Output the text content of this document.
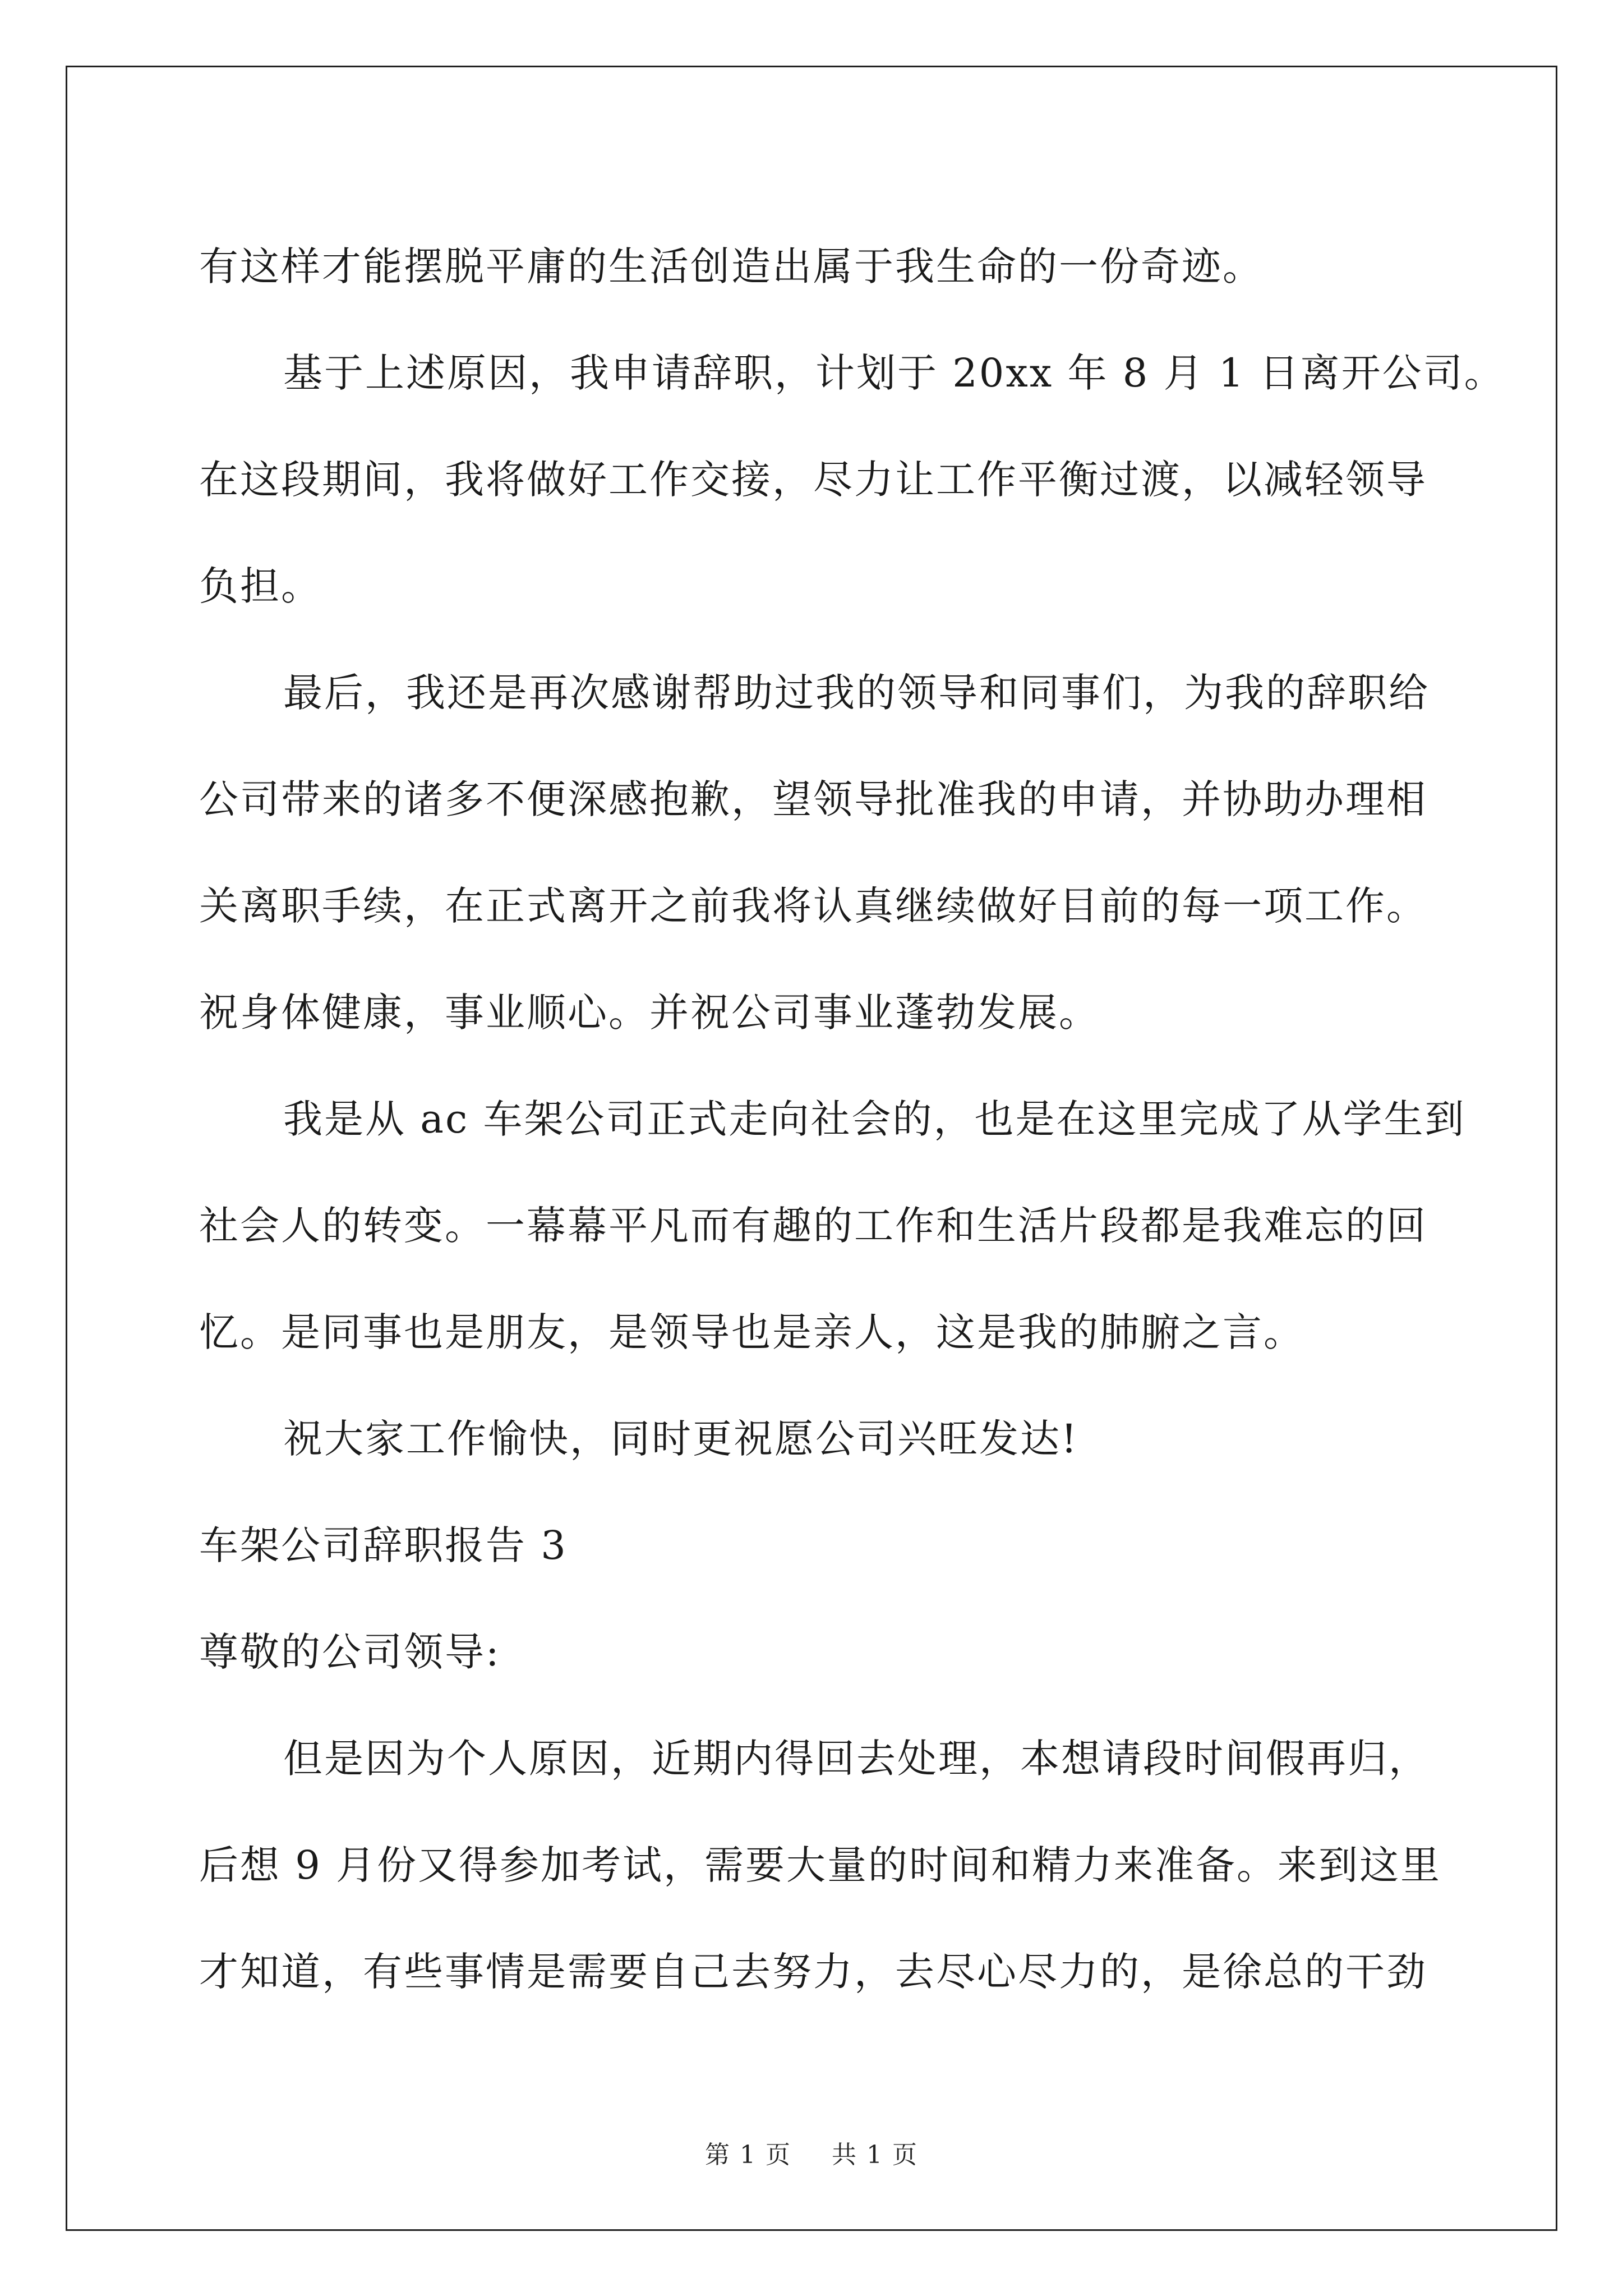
有这样才能摆脱平庸的生活创造出属于我生命的一份奇迹。
基于上述原因，我申请辞职，计划于 20xx 年 8 月 1 日离开公司。
在这段期间，我将做好工作交接，尽力让工作平衡过渡，以减轻领导
负担。
最后，我还是再次感谢帮助过我的领导和同事们，为我的辞职给
公司带来的诸多不便深感抱歉，望领导批准我的申请，并协助办理相
关离职手续，在正式离开之前我将认真继续做好目前的每一项工作。
祝身体健康，事业顺心。并祝公司事业蓬勃发展。
我是从 ac 车架公司正式走向社会的，也是在这里完成了从学生到
社会人的转变。一幕幕平凡而有趣的工作和生活片段都是我难忘的回
忆。是同事也是朋友，是领导也是亲人，这是我的肺腑之言。
祝大家工作愉快，同时更祝愿公司兴旺发达!
车架公司辞职报告 3
尊敬的公司领导:
但是因为个人原因，近期内得回去处理，本想请段时间假再归，
后想 9 月份又得参加考试，需要大量的时间和精力来准备。来到这里
才知道，有些事情是需要自己去努力，去尽心尽力的，是徐总的干劲
第 1 页 共 1 页
